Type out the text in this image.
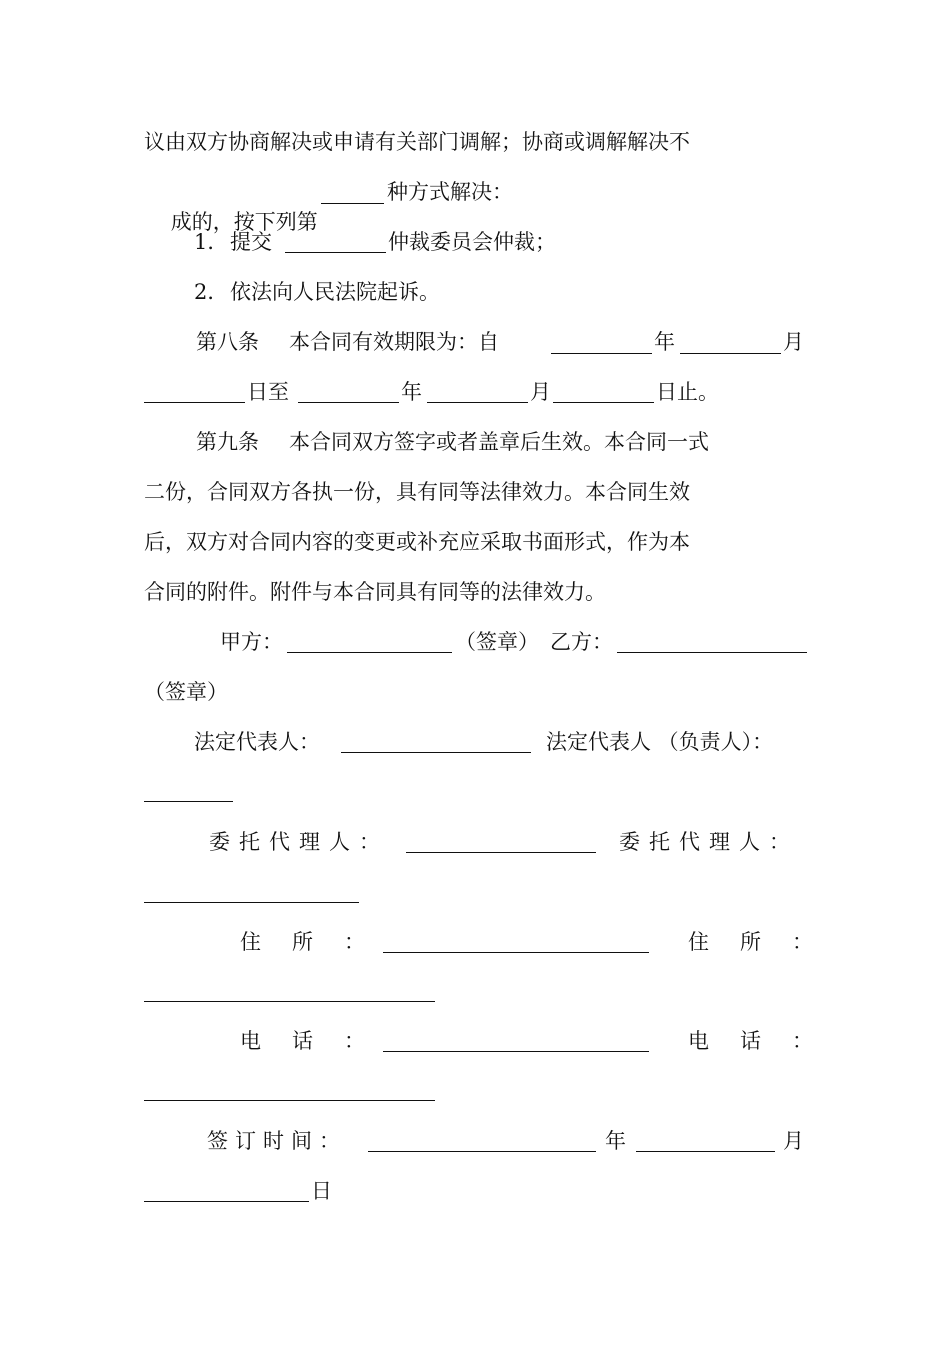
议由双方协商解决或申请有关部门调解；协商或调解解决不

成的，按下列第

种方式解决：
1． 提交	仲裁委员会仲裁；
2． 依法向人民法院起诉。
第八条 本合同有效期限为：自	年	月
日至	年	月	日止。
第九条 本合同双方签字或者盖章后生效。本合同一式
二份，合同双方各执一份，具有同等法律效力。本合同生效
后，双方对合同内容的变更或补充应采取书面形式，作为本
合同的附件。附件与本合同具有同等的法律效力。
甲方：	（签章） 乙方：
（签章）
法定代表人：	法定代表人 （负责人）：
委托代理人：	委托代理人：
住　所　：	住　所　：
电　话　：	电　话　：
签订时间：	年	月
日
